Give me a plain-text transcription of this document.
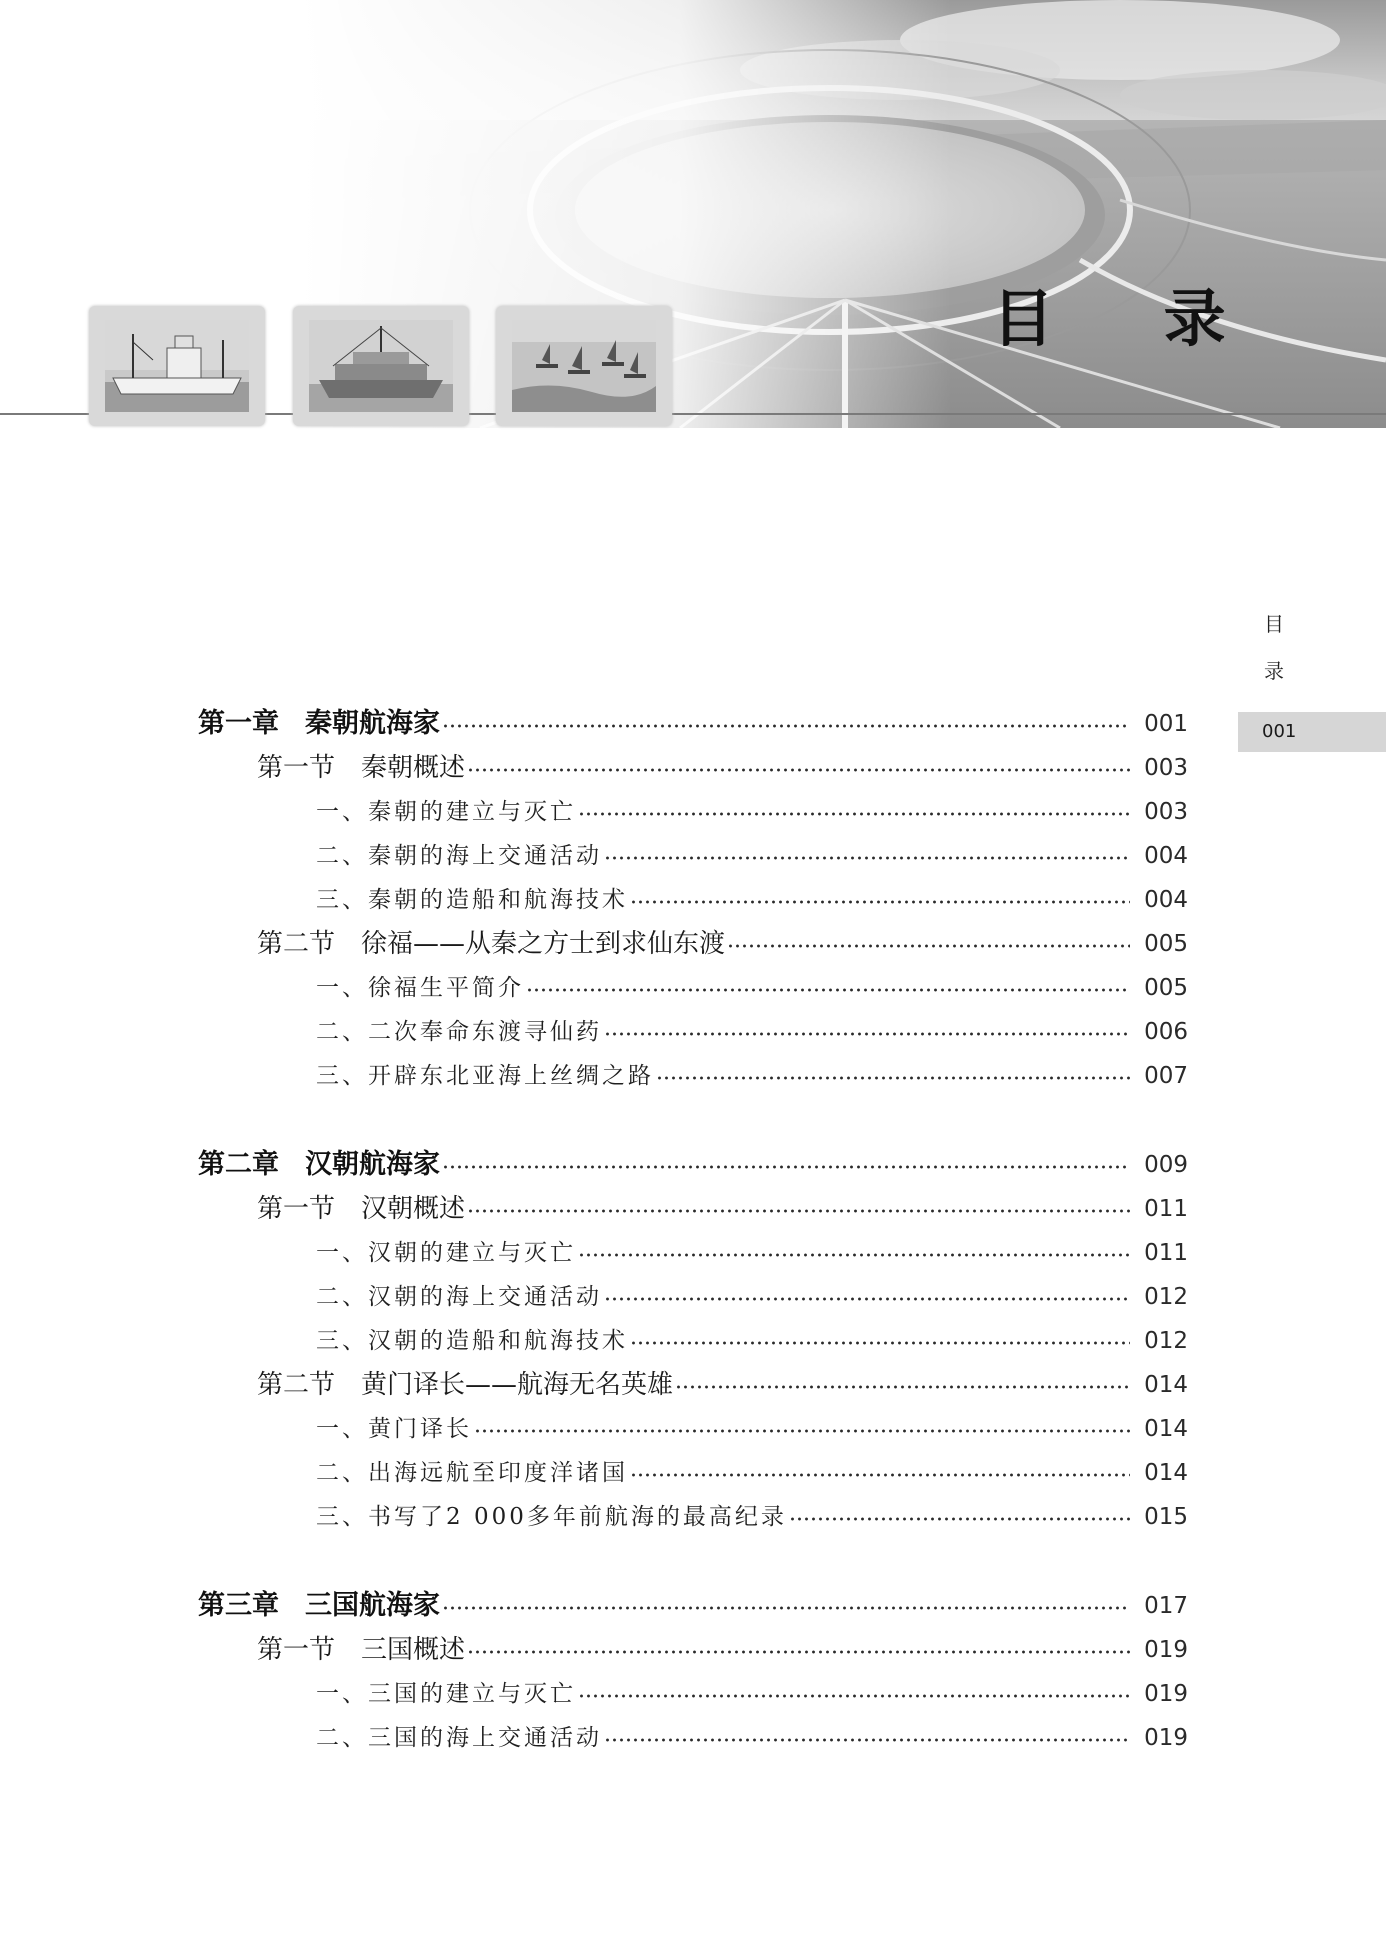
目 录
目
录
001
第一章 秦朝航海家	001
第一节 秦朝概述	003
一、秦朝的建立与灭亡	003
二、秦朝的海上交通活动	004
三、秦朝的造船和航海技术	004
第二节 徐福——从秦之方士到求仙东渡	005
一、徐福生平简介	005
二、二次奉命东渡寻仙药	006
三、开辟东北亚海上丝绸之路	007
第二章 汉朝航海家	009
第一节 汉朝概述	011
一、汉朝的建立与灭亡	011
二、汉朝的海上交通活动	012
三、汉朝的造船和航海技术	012
第二节 黄门译长——航海无名英雄	014
一、黄门译长	014
二、出海远航至印度洋诸国	014
三、书写了2 000多年前航海的最高纪录	015
第三章 三国航海家	017
第一节 三国概述	019
一、三国的建立与灭亡	019
二、三国的海上交通活动	019
